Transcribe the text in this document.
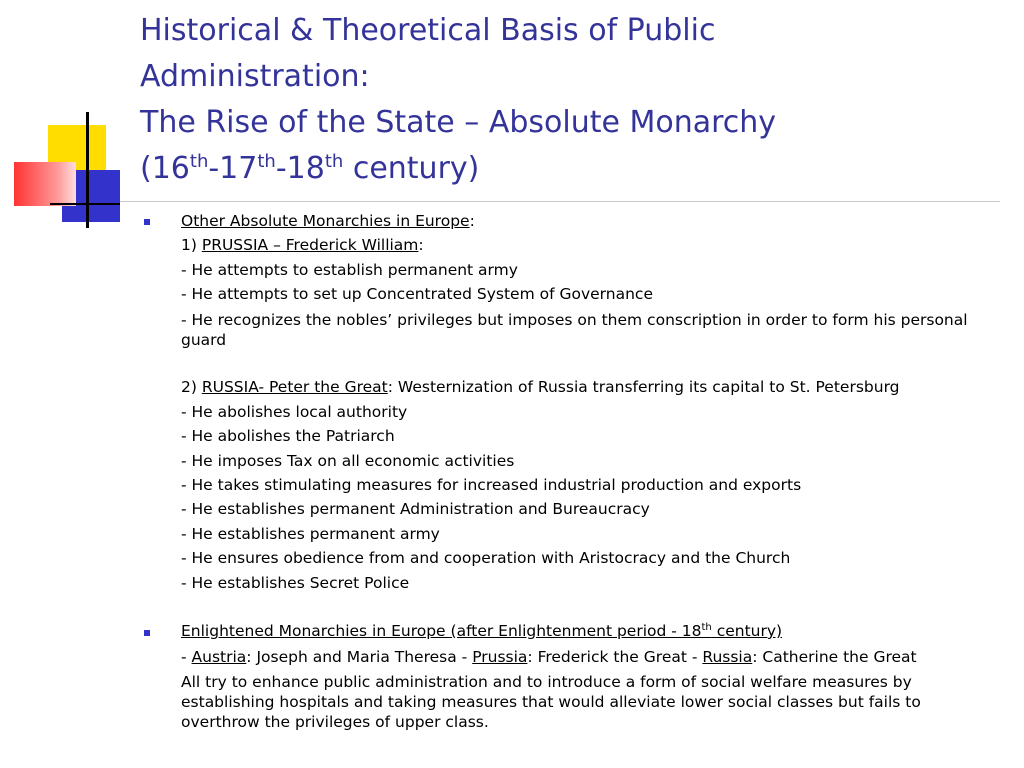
Historical & Theoretical Basis of Public
Administration:
The Rise of the State – Absolute Monarchy
(16th-17th-18th century)
Other Absolute Monarchies in Europe:
1) PRUSSIA – Frederick William:
- He attempts to establish permanent army
- He attempts to set up Concentrated System of Governance
- He recognizes the nobles’ privileges but imposes on them conscription in order to form his personal guard
2) RUSSIA- Peter the Great: Westernization of Russia transferring its capital to St. Petersburg
- He abolishes local authority
- He abolishes the Patriarch
- He imposes Tax on all economic activities
- He takes stimulating measures for increased industrial production and exports
- He establishes permanent Administration and Bureaucracy
- He establishes permanent army
- He ensures obedience from and cooperation with Aristocracy and the Church
- He establishes Secret Police
Enlightened Monarchies in Europe (after Enlightenment period - 18th century)
- Austria: Joseph and Maria Theresa - Prussia: Frederick the Great - Russia: Catherine the Great
All try to enhance public administration and to introduce a form of social welfare measures by establishing hospitals and taking measures that would alleviate lower social classes but fails to overthrow the privileges of upper class.
